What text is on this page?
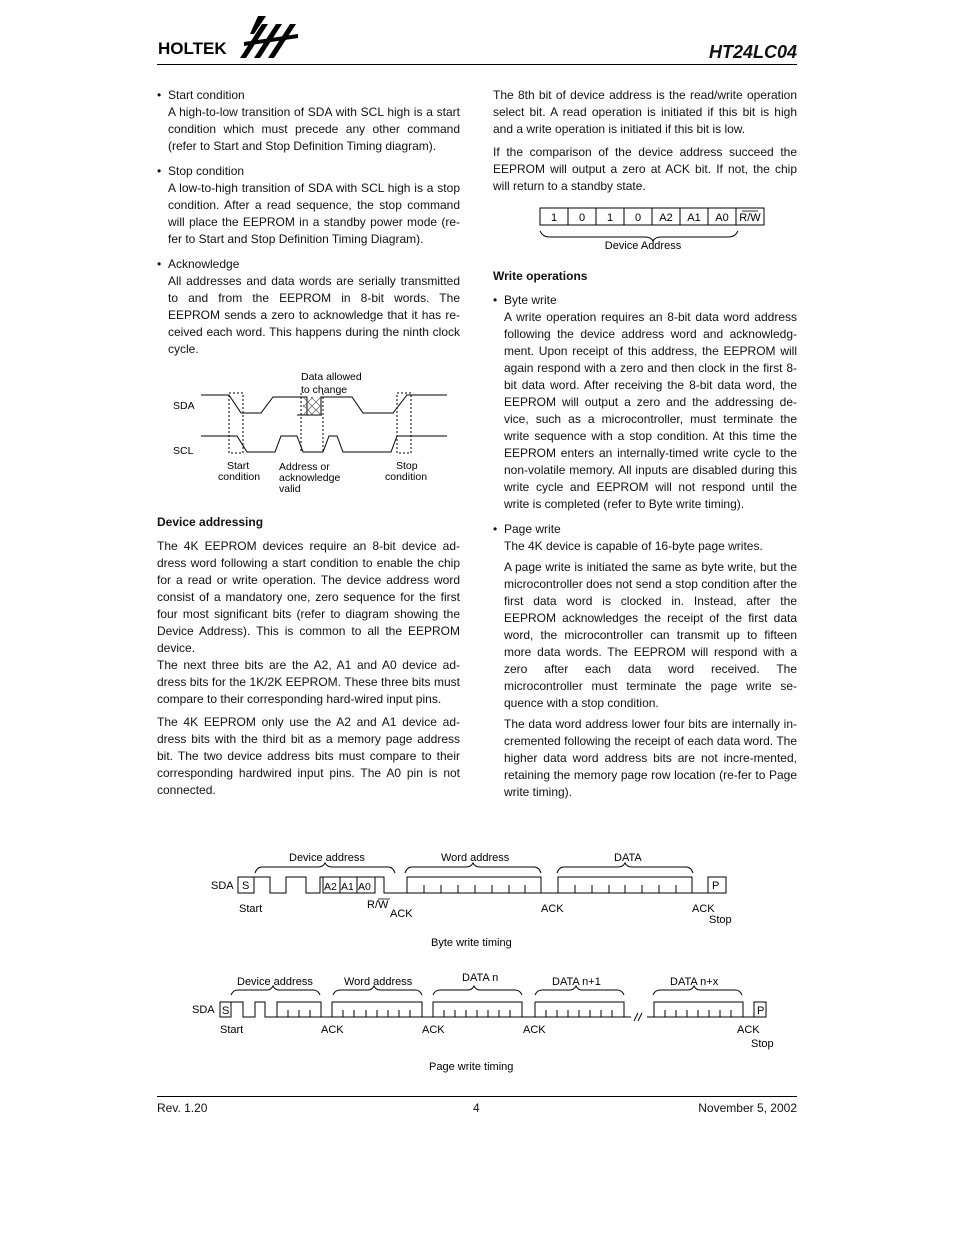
HOLTEK	HT24LC04

• Start condition

A high-to-low transition of SDA with SCL high is a start condition which must precede any other command (refer to Start and Stop Definition Timing diagram).

• Stop condition

A low-to-high transition of SDA with SCL high is a stop condition. After a read sequence, the stop command will place the EEPROM in a standby power mode (re-fer to Start and Stop Definition Timing Diagram).

• Acknowledge

All addresses and data words are serially transmitted to and from the EEPROM in 8-bit words. The EEPROM sends a zero to acknowledge that it has re-ceived each word. This happens during the ninth clock cycle.

Data allowed
to change
SDA
SCL
Start
condition
Address or
acknowledge
valid
Stop
condition

Device addressing

The 4K EEPROM devices require an 8-bit device ad-dress word following a start condition to enable the chip for a read or write operation. The device address word consist of a mandatory one, zero sequence for the first four most significant bits (refer to diagram showing the Device Address). This is common to all the EEPROM device.

The next three bits are the A2, A1 and A0 device ad-dress bits for the 1K/2K EEPROM. These three bits must compare to their corresponding hard-wired input pins.

The 4K EEPROM only use the A2 and A1 device ad-dress bits with the third bit as a memory page address bit. The two device address bits must compare to their corresponding hardwired input pins. The A0 pin is not connected.

The 8th bit of device address is the read/write operation select bit. A read operation is initiated if this bit is high and a write operation is initiated if this bit is low.

If the comparison of the device address succeed the EEPROM will output a zero at ACK bit. If not, the chip will return to a standby state.

1 0 1 0 A2 A1 A0 R/W
Device Address

Write operations

• Byte write

A write operation requires an 8-bit data word address following the device address word and acknowledg-ment. Upon receipt of this address, the EEPROM will again respond with a zero and then clock in the first 8-bit data word. After receiving the 8-bit data word, the EEPROM will output a zero and the addressing de-vice, such as a microcontroller, must terminate the write sequence with a stop condition. At this time the EEPROM enters an internally-timed write cycle to the non-volatile memory. All inputs are disabled during this write cycle and EEPROM will not respond until the write is completed (refer to Byte write timing).

• Page write

The 4K device is capable of 16-byte page writes.

A page write is initiated the same as byte write, but the microcontroller does not send a stop condition after the first data word is clocked in. Instead, after the EEPROM acknowledges the receipt of the first data word, the microcontroller can transmit up to fifteen more data words. The EEPROM will respond with a zero after each data word received. The microcontroller must terminate the page write se-quence with a stop condition.

The data word address lower four bits are internally in-cremented following the receipt of each data word. The higher data word address bits are not incre-mented, retaining the memory page row location (re-fer to Page write timing).

Device address	Word address	DATA
SDA S	A2 A1 A0	P
Start	R/W
ACK	ACK	ACK
Stop
Byte write timing
Device address	Word address	DATA n	DATA n+1	DATA n+x
SDA S	P
Start	ACK	ACK	ACK	ACK
Stop
Page write timing
Rev. 1.20	4	November 5, 2002
